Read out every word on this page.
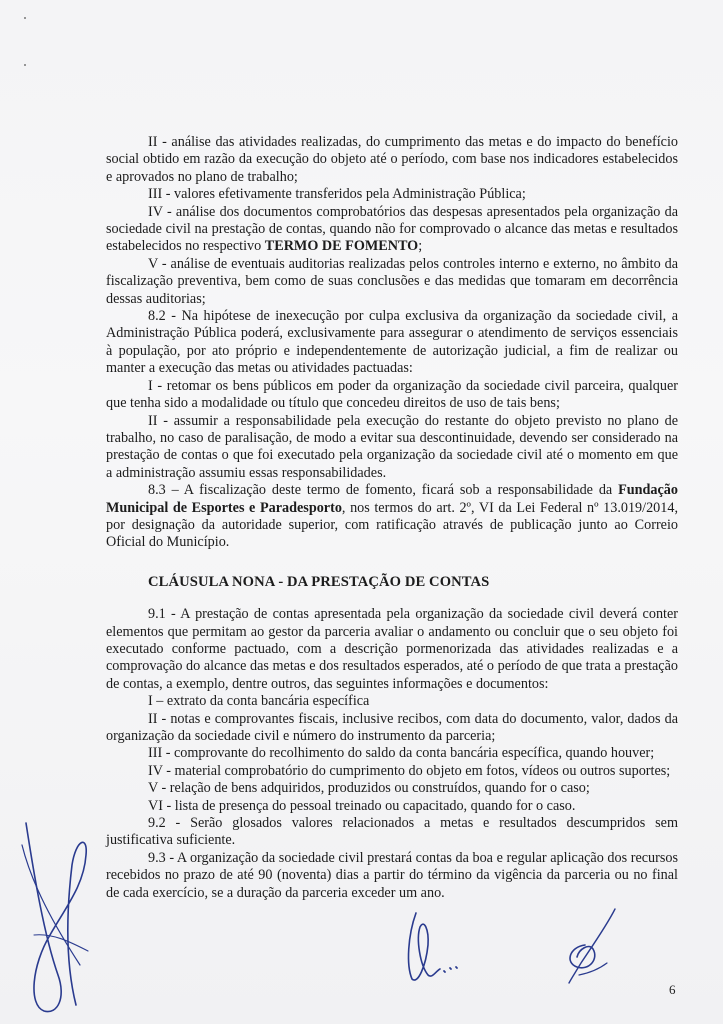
II - análise das atividades realizadas, do cumprimento das metas e do impacto do benefício social obtido em razão da execução do objeto até o período, com base nos indicadores estabelecidos e aprovados no plano de trabalho;

III - valores efetivamente transferidos pela Administração Pública;

IV - análise dos documentos comprobatórios das despesas apresentados pela organização da sociedade civil na prestação de contas, quando não for comprovado o alcance das metas e resultados estabelecidos no respectivo TERMO DE FOMENTO;

V - análise de eventuais auditorias realizadas pelos controles interno e externo, no âmbito da fiscalização preventiva, bem como de suas conclusões e das medidas que tomaram em decorrência dessas auditorias;

8.2 - Na hipótese de inexecução por culpa exclusiva da organização da sociedade civil, a Administração Pública poderá, exclusivamente para assegurar o atendimento de serviços essenciais à população, por ato próprio e independentemente de autorização judicial, a fim de realizar ou manter a execução das metas ou atividades pactuadas:

I - retomar os bens públicos em poder da organização da sociedade civil parceira, qualquer que tenha sido a modalidade ou título que concedeu direitos de uso de tais bens;

II - assumir a responsabilidade pela execução do restante do objeto previsto no plano de trabalho, no caso de paralisação, de modo a evitar sua descontinuidade, devendo ser considerado na prestação de contas o que foi executado pela organização da sociedade civil até o momento em que a administração assumiu essas responsabilidades.

8.3 – A fiscalização deste termo de fomento, ficará sob a responsabilidade da Fundação Municipal de Esportes e Paradesporto, nos termos do art. 2º, VI da Lei Federal nº 13.019/2014, por designação da autoridade superior, com ratificação através de publicação junto ao Correio Oficial do Município.

CLÁUSULA NONA - DA PRESTAÇÃO DE CONTAS

9.1 - A prestação de contas apresentada pela organização da sociedade civil deverá conter elementos que permitam ao gestor da parceria avaliar o andamento ou concluir que o seu objeto foi executado conforme pactuado, com a descrição pormenorizada das atividades realizadas e a comprovação do alcance das metas e dos resultados esperados, até o período de que trata a prestação de contas, a exemplo, dentre outros, das seguintes informações e documentos:

I – extrato da conta bancária específica

II - notas e comprovantes fiscais, inclusive recibos, com data do documento, valor, dados da organização da sociedade civil e número do instrumento da parceria;

III - comprovante do recolhimento do saldo da conta bancária específica, quando houver;

IV - material comprobatório do cumprimento do objeto em fotos, vídeos ou outros suportes;

V - relação de bens adquiridos, produzidos ou construídos, quando for o caso;

VI - lista de presença do pessoal treinado ou capacitado, quando for o caso.

9.2 - Serão glosados valores relacionados a metas e resultados descumpridos sem justificativa suficiente.

9.3 - A organização da sociedade civil prestará contas da boa e regular aplicação dos recursos recebidos no prazo de até 90 (noventa) dias a partir do término da vigência da parceria ou no final de cada exercício, se a duração da parceria exceder um ano.

6
